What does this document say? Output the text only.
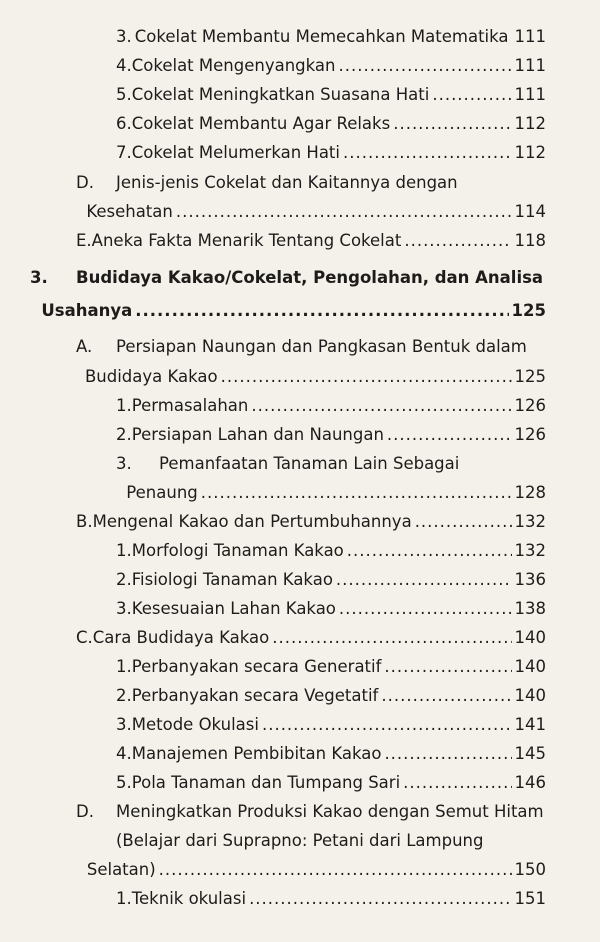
3. Cokelat Membantu Memecahkan Matematika 111
4. Cokelat Mengenyangkan .....	111
5. Cokelat Meningkatkan Suasana Hati .....	111
6. Cokelat Membantu Agar Relaks .....	112
7. Cokelat Melumerkan Hati .....	112
D.	Jenis-jenis Cokelat dan Kaitannya dengan
Kesehatan .....	114
E. Aneka Fakta Menarik Tentang Cokelat .....	118
3.	Budidaya Kakao/Cokelat, Pengolahan, dan Analisa
Usahanya .....	125
A.	Persiapan Naungan dan Pangkasan Bentuk dalam
Budidaya Kakao .....	125
1. Permasalahan .....	126
2. Persiapan Lahan dan Naungan .....	126
3.	Pemanfaatan Tanaman Lain Sebagai
Penaung .....	128
B. Mengenal Kakao dan Pertumbuhannya .....	132
1. Morfologi Tanaman Kakao .....	132
2. Fisiologi Tanaman Kakao .....	136
3. Kesesuaian Lahan Kakao .....	138
C. Cara Budidaya Kakao .....	140
1. Perbanyakan secara Generatif .....	140
2. Perbanyakan secara Vegetatif .....	140
3. Metode Okulasi .....	141
4. Manajemen Pembibitan Kakao .....	145
5. Pola Tanaman dan Tumpang Sari .....	146
D.	Meningkatkan Produksi Kakao dengan Semut Hitam
(Belajar dari Suprapno: Petani dari Lampung
Selatan) .....	150
1. Teknik okulasi .....	151
